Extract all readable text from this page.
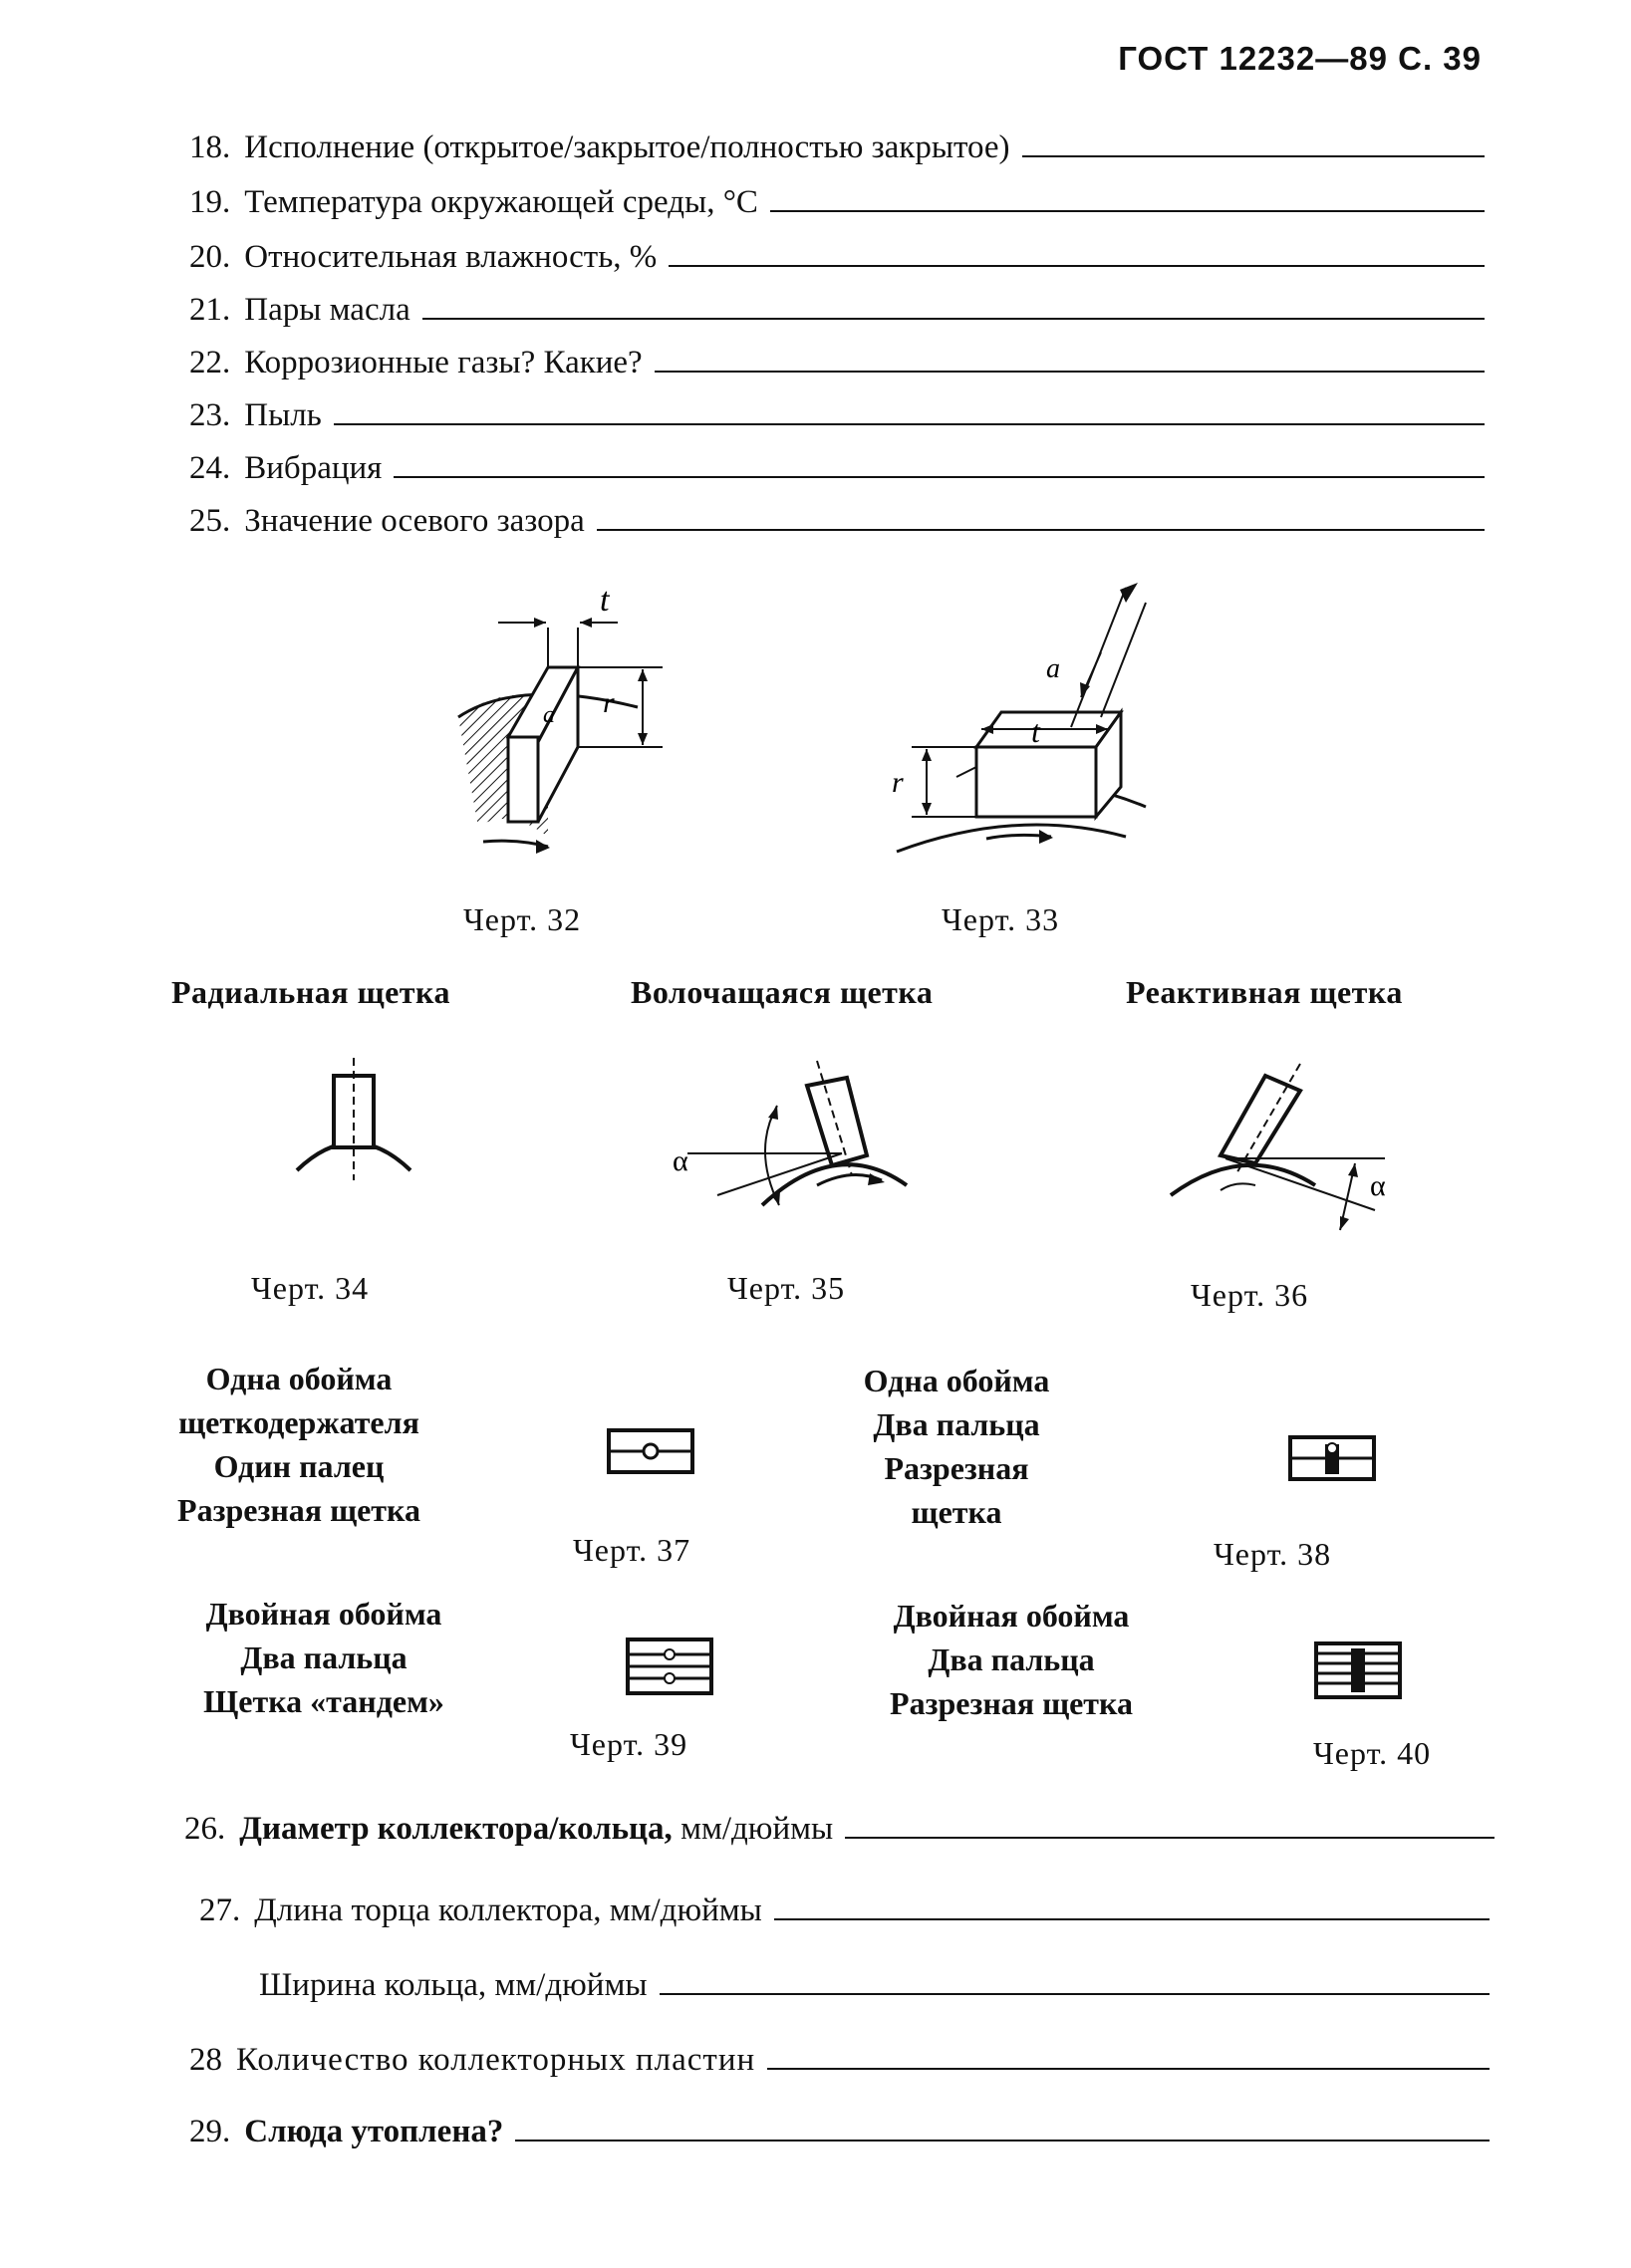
ГОСТ 12232—89 С. 39
18. Исполнение (открытое/закрытое/полностью закрытое)
19. Температура окружающей среды, °С
20. Относительная влажность, %
21. Пары масла
22. Коррозионные газы? Какие?
23. Пыль
24. Вибрация
25. Значение осевого зазора
t
r
a
Черт. 32
t
r
a
Черт. 33
Радиальная щетка	Волочащаяся щетка	Реактивная щетка
Черт. 34
α
Черт. 35
α
Черт. 36
Одна обойма
щеткодержателя
Один палец
Разрезная щетка
Черт. 37
Одна обойма
Два пальца
Разрезная
щетка
Черт. 38
Двойная обойма
Два пальца
Щетка «тандем»
Черт. 39
Двойная обойма
Два пальца
Разрезная щетка
Черт. 40
26. Диаметр коллектора/кольца, мм/дюймы
27. Длина торца коллектора, мм/дюймы
Ширина кольца, мм/дюймы
28 Количество коллекторных пластин
29. Слюда утоплена?
